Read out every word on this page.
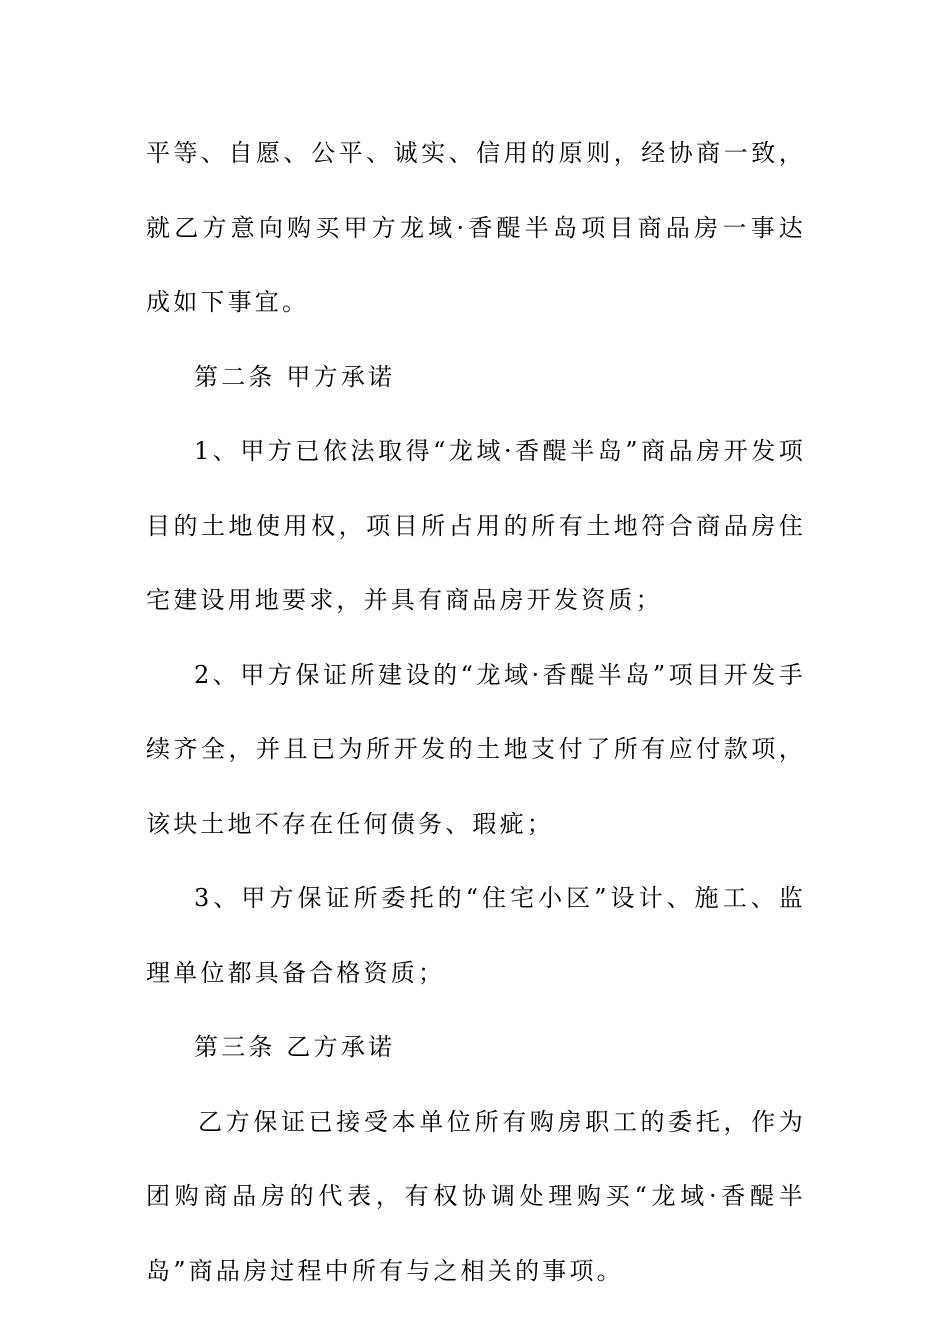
平等、自愿、公平、诚实、信用的原则，经协商一致，就乙方意向购买甲方龙域·香醍半岛项目商品房一事达成如下事宜。

第二条 甲方承诺

1、甲方已依法取得“龙域·香醍半岛”商品房开发项目的土地使用权，项目所占用的所有土地符合商品房住宅建设用地要求，并具有商品房开发资质；

2、甲方保证所建设的“龙域·香醍半岛”项目开发手续齐全，并且已为所开发的土地支付了所有应付款项，该块土地不存在任何债务、瑕疵；

3、甲方保证所委托的“住宅小区”设计、施工、监理单位都具备合格资质；

第三条 乙方承诺

乙方保证已接受本单位所有购房职工的委托，作为团购商品房的代表，有权协调处理购买“龙域·香醍半岛”商品房过程中所有与之相关的事项。
